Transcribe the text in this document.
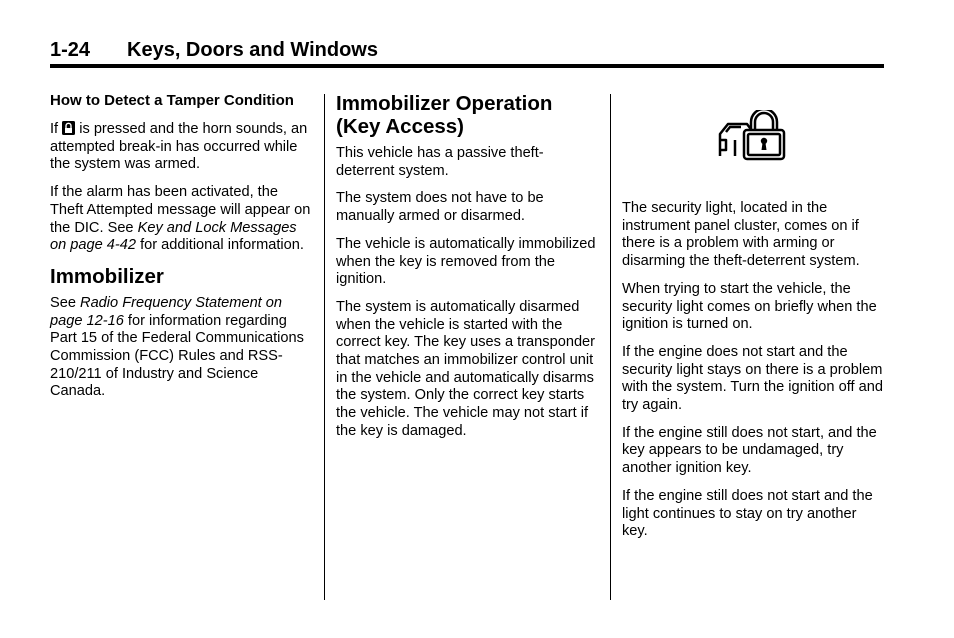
1-24 Keys, Doors and Windows
How to Detect a Tamper Condition

If  is pressed and the horn sounds, an attempted break-in has occurred while the system was armed.

If the alarm has been activated, the Theft Attempted message will appear on the DIC. See Key and Lock Messages on page 4-42 for additional information.

Immobilizer

See Radio Frequency Statement on page 12-16 for information regarding Part 15 of the Federal Communications Commission (FCC) Rules and RSS-210/211 of Industry and Science Canada.

Immobilizer Operation (Key Access)

This vehicle has a passive theft-deterrent system.

The system does not have to be manually armed or disarmed.

The vehicle is automatically immobilized when the key is removed from the ignition.

The system is automatically disarmed when the vehicle is started with the correct key. The key uses a transponder that matches an immobilizer control unit in the vehicle and automatically disarms the system. Only the correct key starts the vehicle. The vehicle may not start if the key is damaged.

The security light, located in the instrument panel cluster, comes on if there is a problem with arming or disarming the theft-deterrent system.

When trying to start the vehicle, the security light comes on briefly when the ignition is turned on.

If the engine does not start and the security light stays on there is a problem with the system. Turn the ignition off and try again.

If the engine still does not start, and the key appears to be undamaged, try another ignition key.

If the engine still does not start and the light continues to stay on try another key.
